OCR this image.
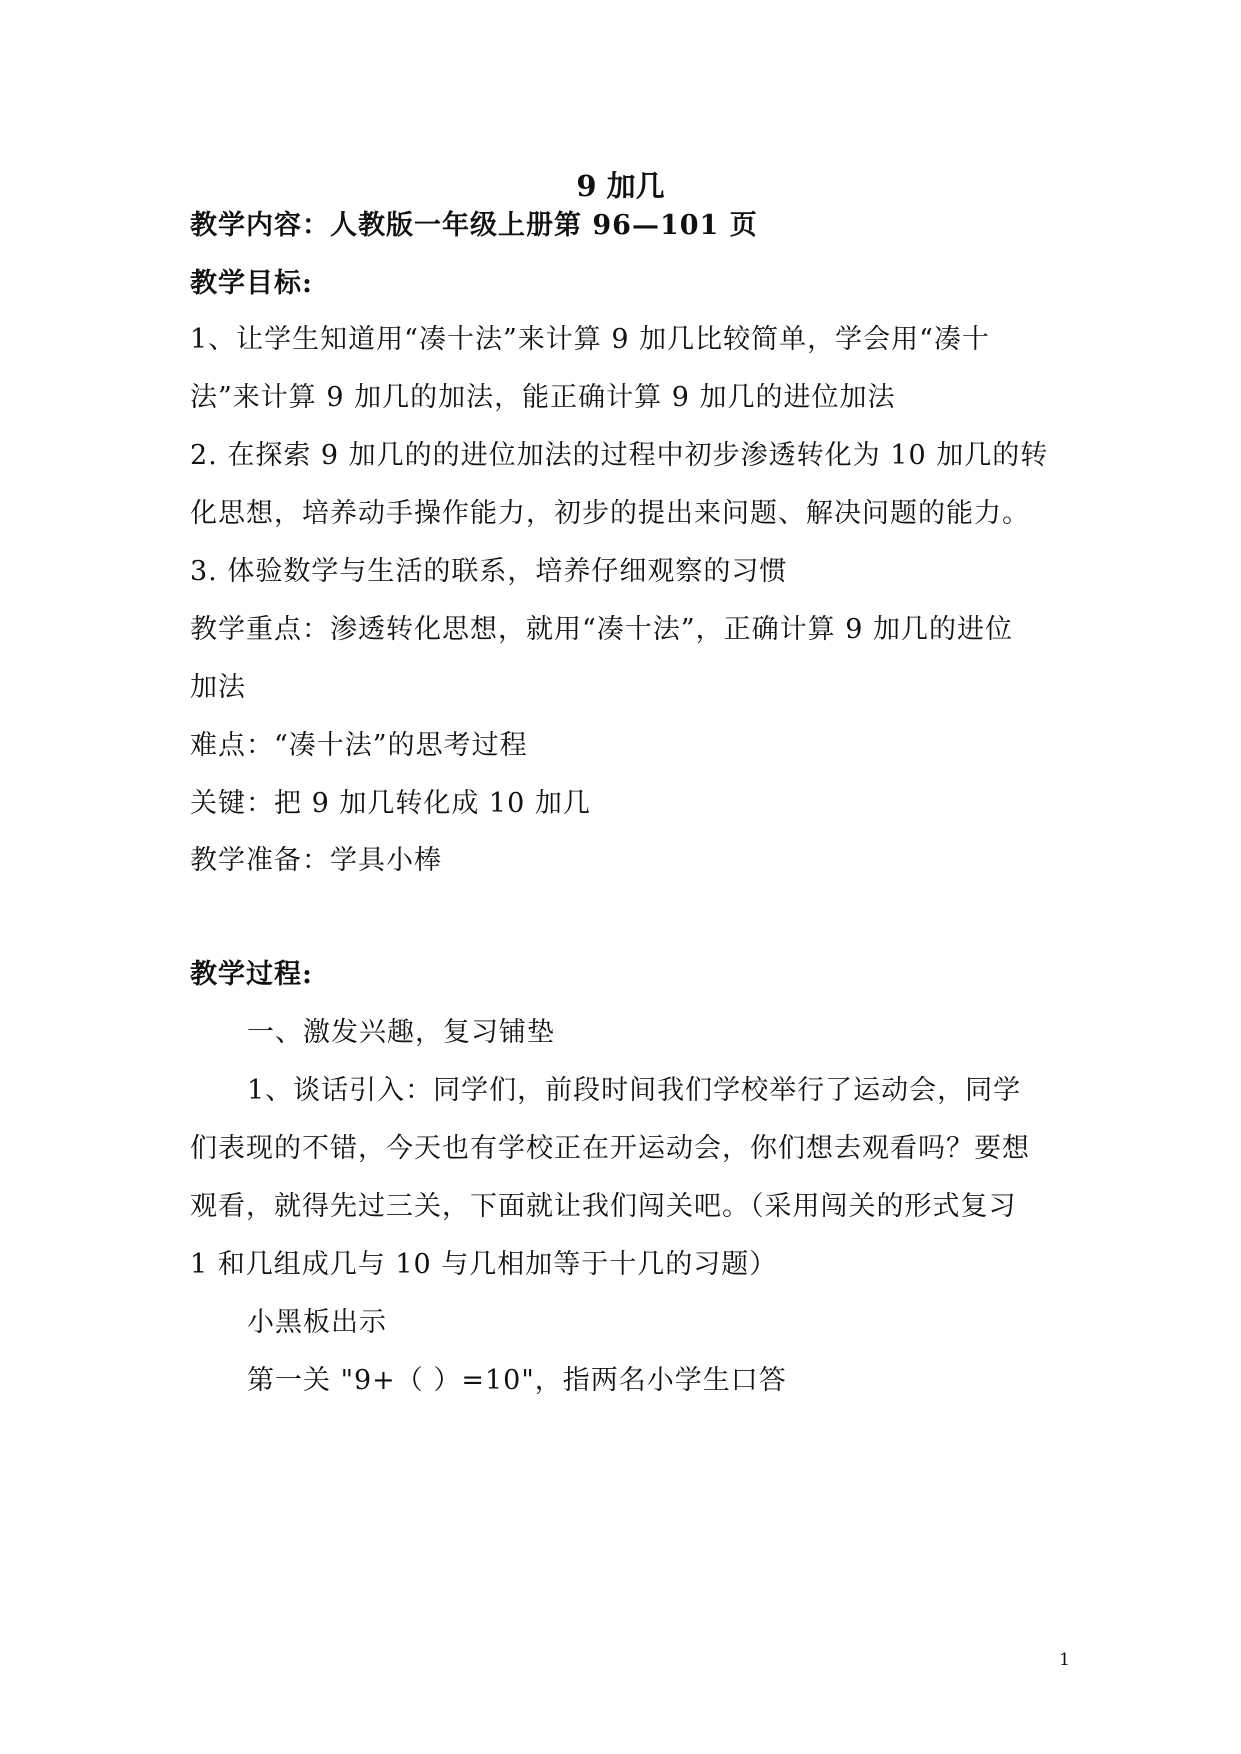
9 加几
教学内容：人教版一年级上册第 96—101 页
教学目标:
1、让学生知道用“凑十法”来计算 9 加几比较简单，学会用“凑十
法”来计算 9 加几的加法，能正确计算 9 加几的进位加法
2. 在探索 9 加几的的进位加法的过程中初步渗透转化为 10 加几的转
化思想，培养动手操作能力，初步的提出来问题、解决问题的能力。
3. 体验数学与生活的联系，培养仔细观察的习惯
教学重点：渗透转化思想，就用“凑十法”，正确计算 9 加几的进位
加法
难点：“凑十法”的思考过程
关键：把 9 加几转化成 10 加几
教学准备：学具小棒
教学过程:
一、激发兴趣，复习铺垫
1、谈话引入：同学们，前段时间我们学校举行了运动会，同学
们表现的不错，今天也有学校正在开运动会，你们想去观看吗？要想
观看，就得先过三关，下面就让我们闯关吧。（采用闯关的形式复习
1 和几组成几与 10 与几相加等于十几的习题）
小黑板出示
第一关 "9+（ ）=10"，指两名小学生口答
1
